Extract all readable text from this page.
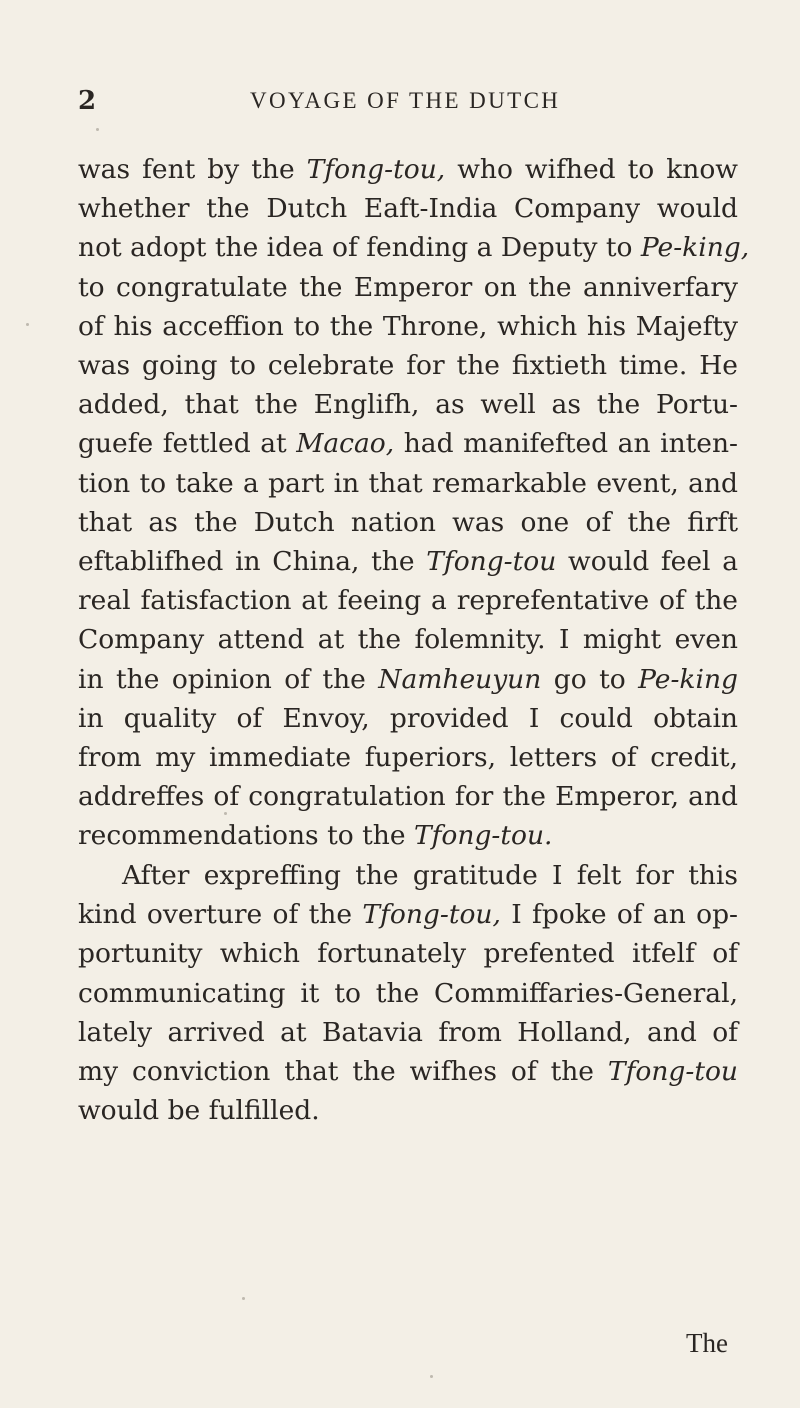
2	VOYAGE OF THE DUTCH
was fent by the Tfong-tou, who wifhed to know
whether the Dutch Eaft-India Company would
not adopt the idea of fending a Deputy to Pe-king,
to congratulate the Emperor on the anniverfary
of his acceffion to the Throne, which his Majefty
was going to celebrate for the fixtieth time. He
added, that the Englifh, as well as the Portu-
guefe fettled at Macao, had manifefted an inten-
tion to take a part in that remarkable event, and
that as the Dutch nation was one of the firft
eftablifhed in China, the Tfong-tou would feel a
real fatisfaction at feeing a reprefentative of the
Company attend at the folemnity. I might even
in the opinion of the Namheuyun go to Pe-king
in quality of Envoy, provided I could obtain
from my immediate fuperiors, letters of credit,
addreffes of congratulation for the Emperor, and
recommendations to the Tfong-tou.
After expreffing the gratitude I felt for this
kind overture of the Tfong-tou, I fpoke of an op-
portunity which fortunately prefented itfelf of
communicating it to the Commiffaries-General,
lately arrived at Batavia from Holland, and of
my conviction that the wifhes of the Tfong-tou
would be fulfilled.
The
